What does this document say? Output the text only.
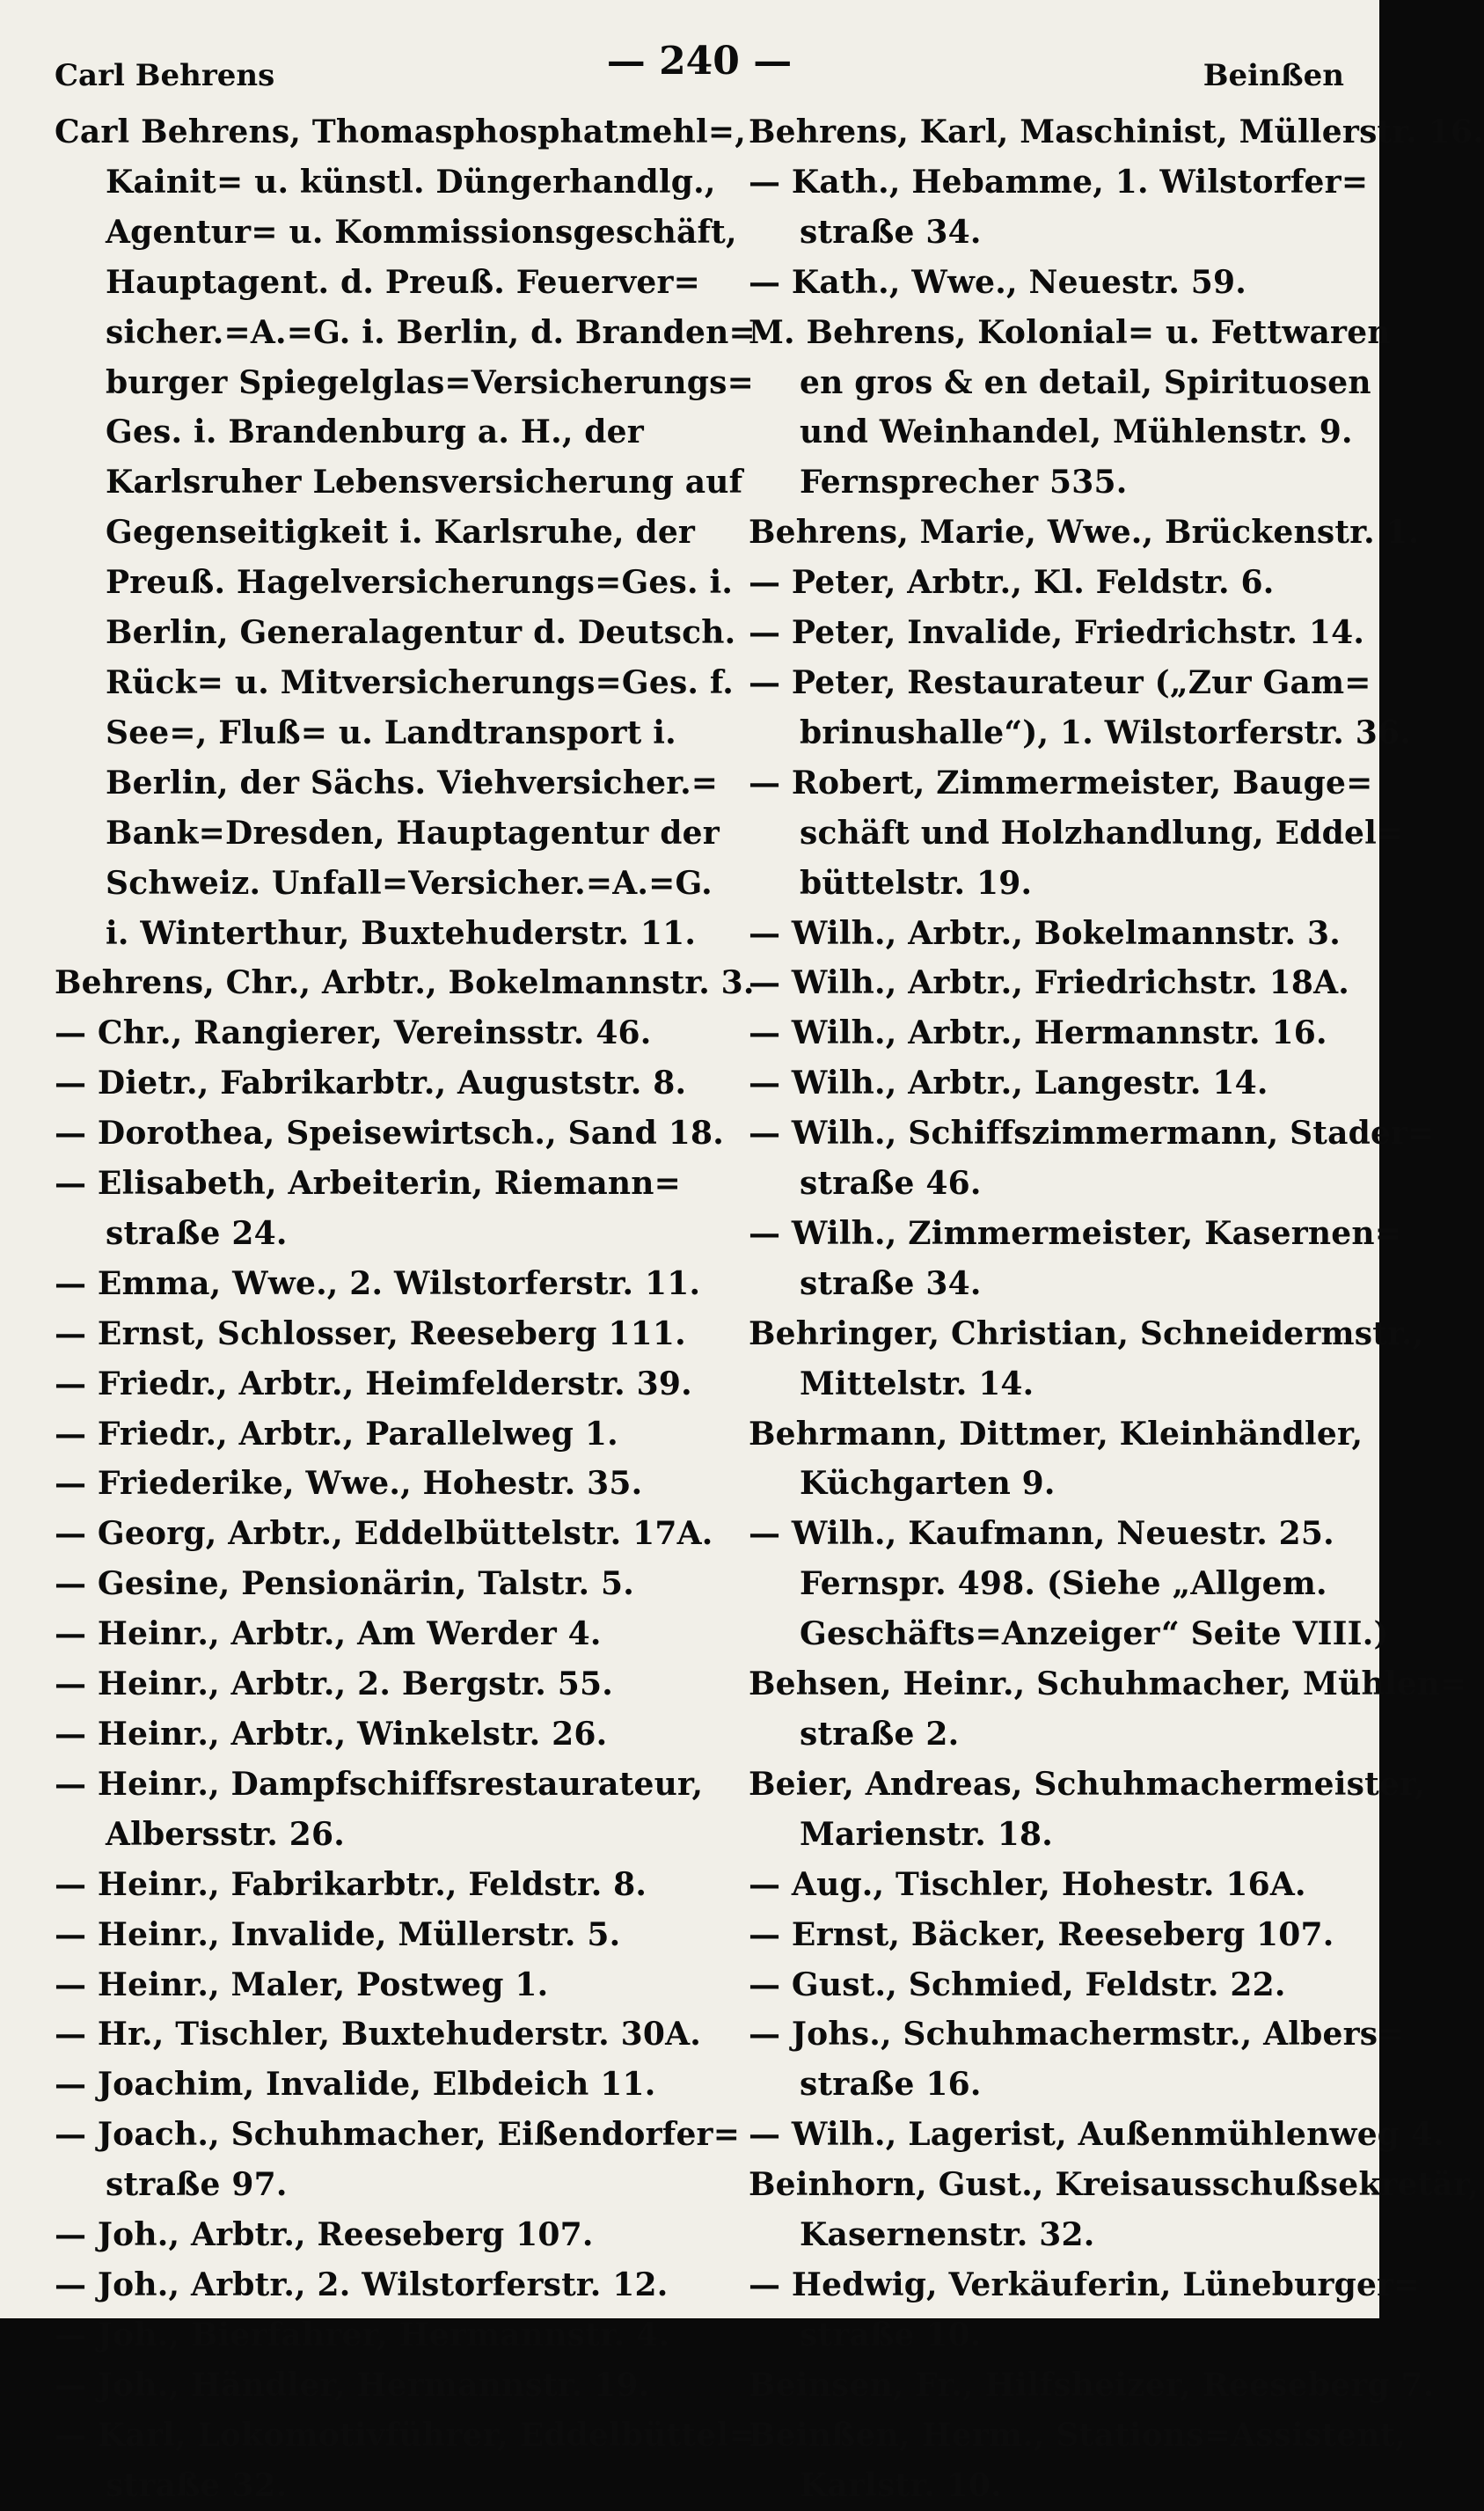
Carl Behrens	— 240 —	Beinßen
Carl Behrens, Thomasphosphatmehl=,
Kainit= u. künstl. Düngerhandlg.,
Agentur= u. Kommissionsgeschäft,
Hauptagent. d. Preuß. Feuerver=
sicher.=A.=G. i. Berlin, d. Branden=
burger Spiegelglas=Versicherungs=
Ges. i. Brandenburg a. H., der
Karlsruher Lebensversicherung auf
Gegenseitigkeit i. Karlsruhe, der
Preuß. Hagelversicherungs=Ges. i.
Berlin, Generalagentur d. Deutsch.
Rück= u. Mitversicherungs=Ges. f.
See=, Fluß= u. Landtransport i.
Berlin, der Sächs. Viehversicher.=
Bank=Dresden, Hauptagentur der
Schweiz. Unfall=Versicher.=A.=G.
i. Winterthur, Buxtehuderstr. 11.
Behrens, Chr., Arbtr., Bokelmannstr. 3.
— Chr., Rangierer, Vereinsstr. 46.
— Dietr., Fabrikarbtr., Auguststr. 8.
— Dorothea, Speisewirtsch., Sand 18.
— Elisabeth, Arbeiterin, Riemann=
straße 24.
— Emma, Wwe., 2. Wilstorferstr. 11.
— Ernst, Schlosser, Reeseberg 111.
— Friedr., Arbtr., Heimfelderstr. 39.
— Friedr., Arbtr., Parallelweg 1.
— Friederike, Wwe., Hohestr. 35.
— Georg, Arbtr., Eddelbüttelstr. 17A.
— Gesine, Pensionärin, Talstr. 5.
— Heinr., Arbtr., Am Werder 4.
— Heinr., Arbtr., 2. Bergstr. 55.
— Heinr., Arbtr., Winkelstr. 26.
— Heinr., Dampfschiffsrestaurateur,
Albersstr. 26.
— Heinr., Fabrikarbtr., Feldstr. 8.
— Heinr., Invalide, Müllerstr. 5.
— Heinr., Maler, Postweg 1.
— Hr., Tischler, Buxtehuderstr. 30A.
— Joachim, Invalide, Elbdeich 11.
— Joach., Schuhmacher, Eißendorfer=
straße 97.
— Joh., Arbtr., Reeseberg 107.
— Joh., Arbtr., 2. Wilstorferstr. 12.
— Joh., Bierfahrer, Hermannstr. 4.
— Joh., Händler, Hermannstr. 19.
— Karl, Lokomotivführer, Eddelbüttel=
straße 32.
Behrens, Karl, Maschinist, Müllerstr. 16.
— Kath., Hebamme, 1. Wilstorfer=
straße 34.
— Kath., Wwe., Neuestr. 59.
M. Behrens, Kolonial= u. Fettwaren
en gros & en detail, Spirituosen
und Weinhandel, Mühlenstr. 9.
Fernsprecher 535.
Behrens, Marie, Wwe., Brückenstr. 1.
— Peter, Arbtr., Kl. Feldstr. 6.
— Peter, Invalide, Friedrichstr. 14.
— Peter, Restaurateur („Zur Gam=
brinushalle“), 1. Wilstorferstr. 36.
— Robert, Zimmermeister, Bauge=
schäft und Holzhandlung, Eddel=
büttelstr. 19.
— Wilh., Arbtr., Bokelmannstr. 3.
— Wilh., Arbtr., Friedrichstr. 18A.
— Wilh., Arbtr., Hermannstr. 16.
— Wilh., Arbtr., Langestr. 14.
— Wilh., Schiffszimmermann, Stader=
straße 46.
— Wilh., Zimmermeister, Kasernen=
straße 34.
Behringer, Christian, Schneidermstr.,
Mittelstr. 14.
Behrmann, Dittmer, Kleinhändler,
Küchgarten 9.
— Wilh., Kaufmann, Neuestr. 25.
Fernspr. 498. (Siehe „Allgem.
Geschäfts=Anzeiger“ Seite VIII.)
Behsen, Heinr., Schuhmacher, Mühlen=
straße 2.
Beier, Andreas, Schuhmachermeister,
Marienstr. 18.
— Aug., Tischler, Hohestr. 16A.
— Ernst, Bäcker, Reeseberg 107.
— Gust., Schmied, Feldstr. 22.
— Johs., Schuhmachermstr., Albers=
straße 16.
— Wilh., Lagerist, Außenmühlenweg 4.
Beinhorn, Gust., Kreisausschußsekretär,
Kasernenstr. 32.
— Hedwig, Verkäuferin, Lüneburger=
straße 10.
Beinsen, Fr., Hilfsheizer, Reeseberg 7.
Beinßen, Herm., Stations=Assistent,
Karlstr. 10.
